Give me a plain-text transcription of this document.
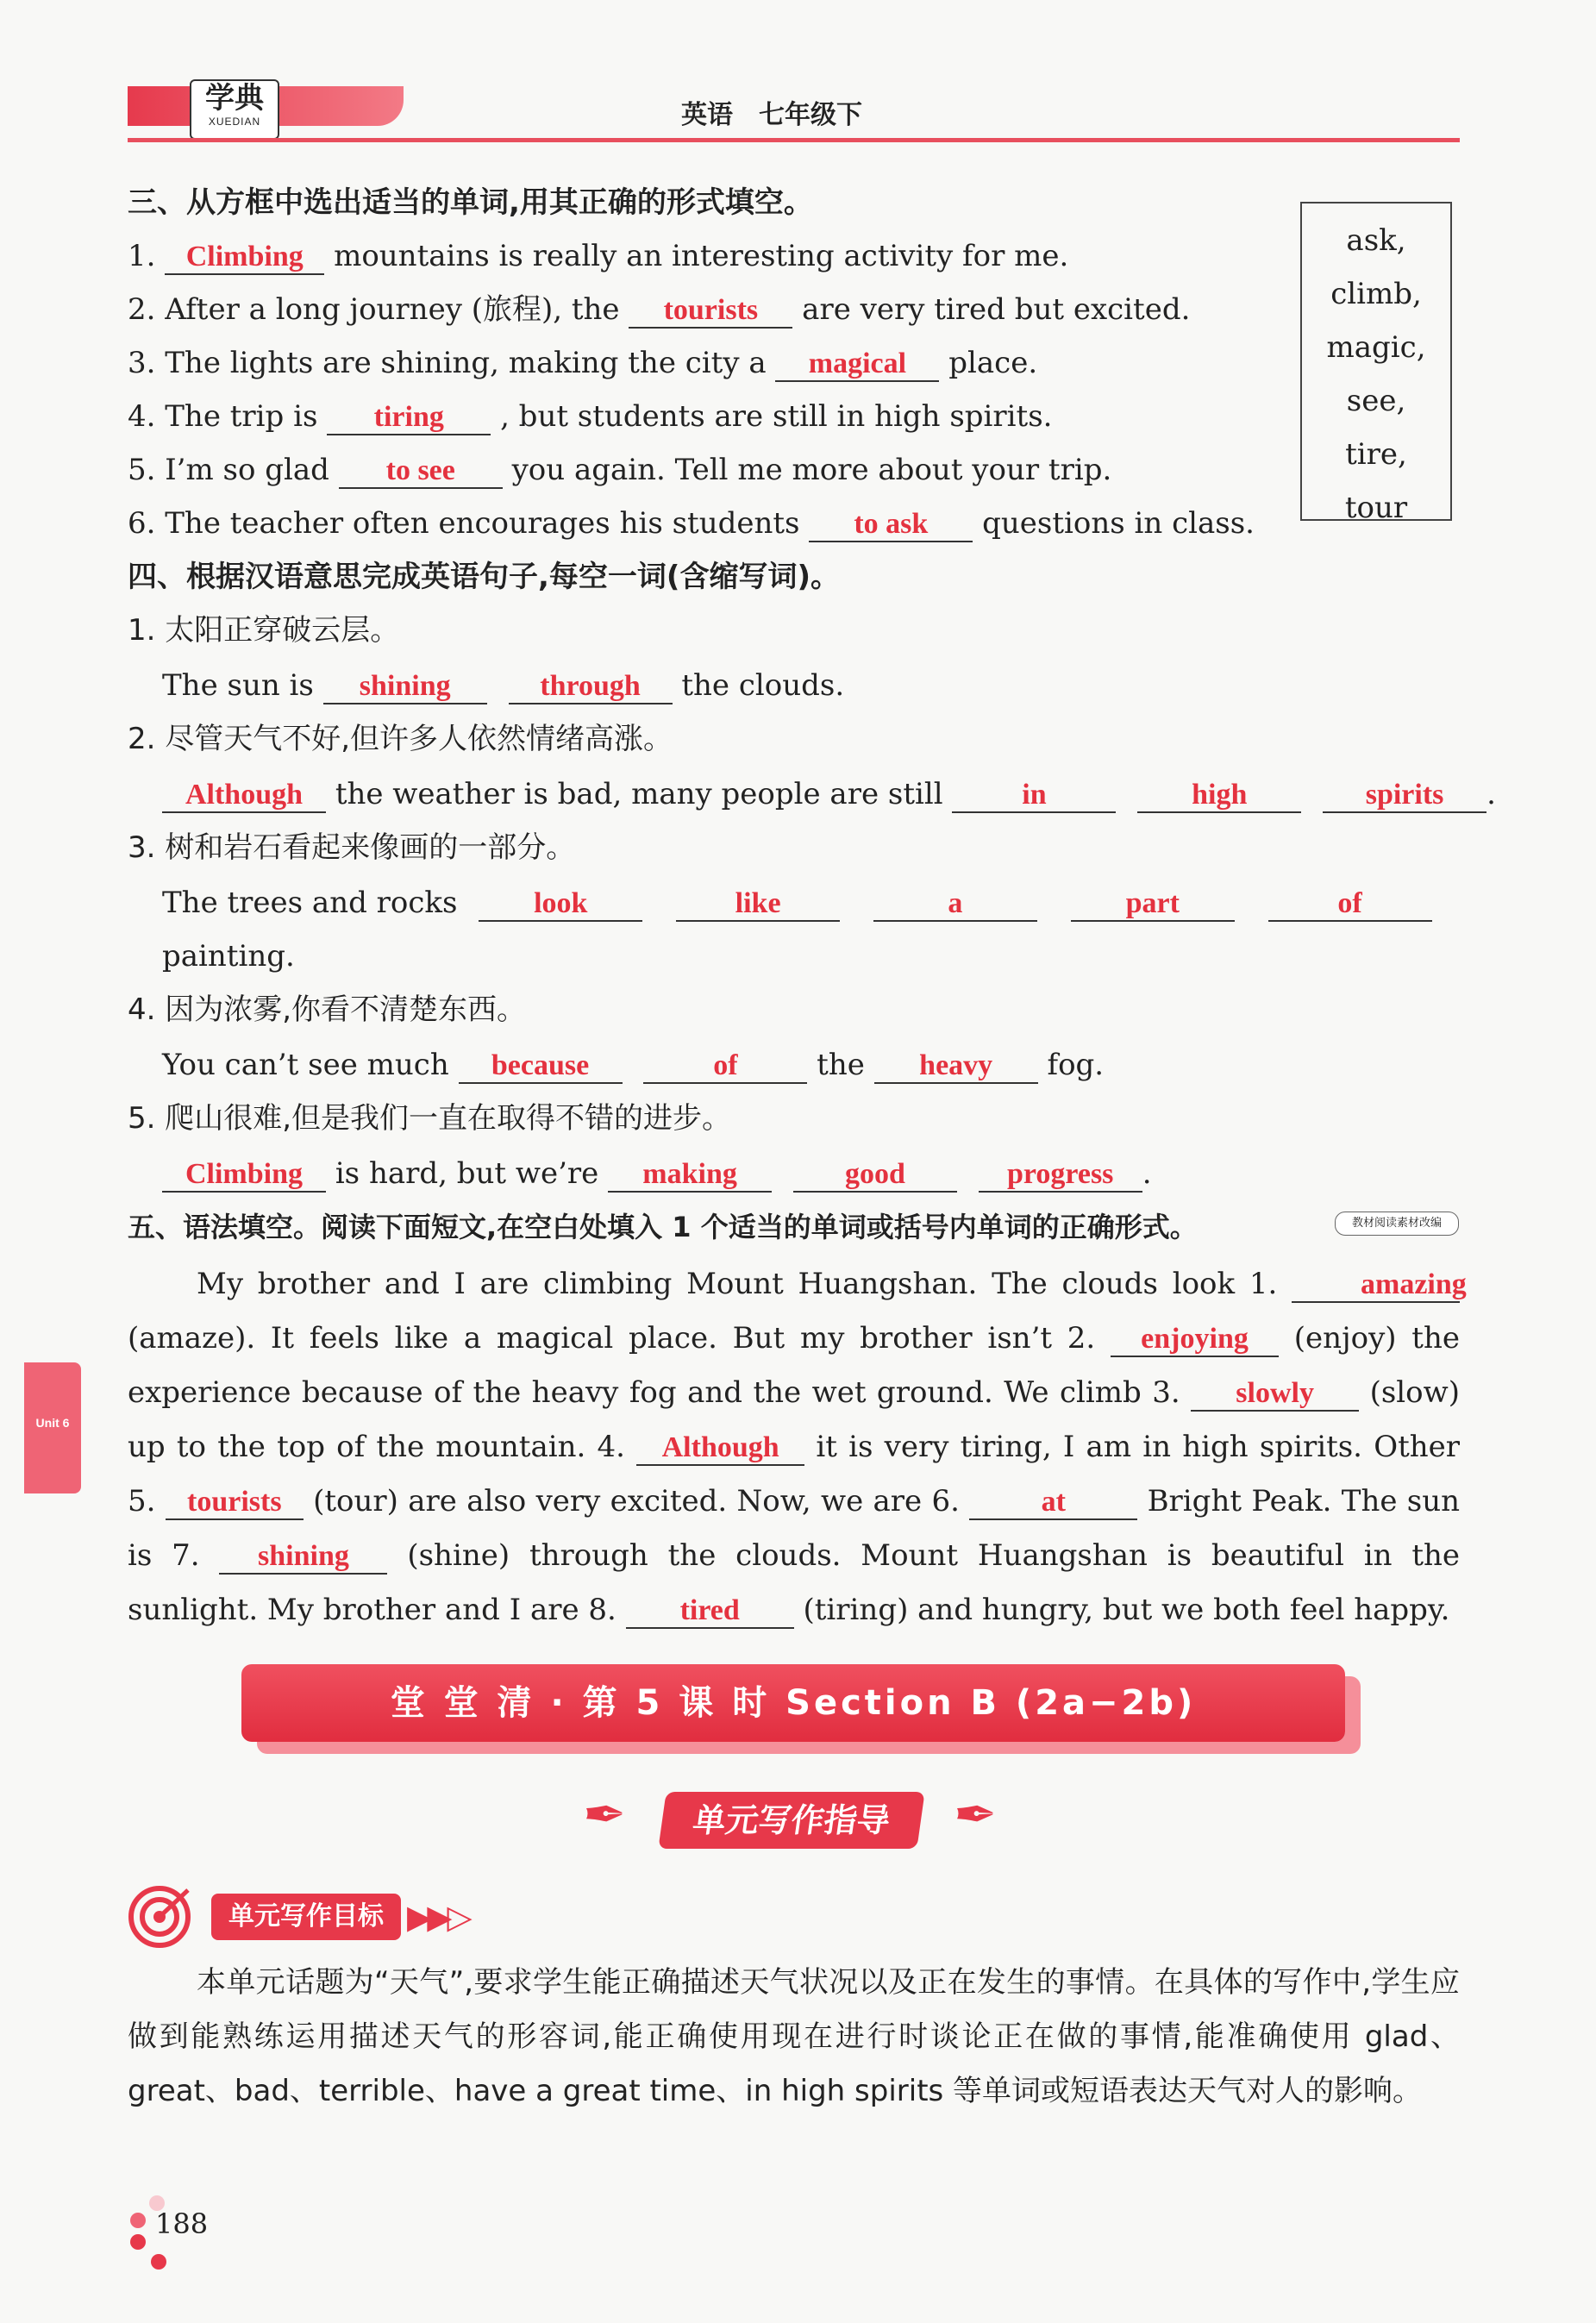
学典
XUEDIAN	英语　七年级下
三、从方框中选出适当的单词,用其正确的形式填空。
ask,
climb,
magic,
see,
tire,
tour
1. Climbing mountains is really an interesting activity for me.
2. After a long journey (旅程), the tourists are very tired but excited.
3. The lights are shining, making the city a magical place.
4. The trip is tiring , but students are still in high spirits.
5. I’m so glad to see you again. Tell me more about your trip.
6. The teacher often encourages his students to ask questions in class.
四、根据汉语意思完成英语句子,每空一词(含缩写词)。
1. 太阳正穿破云层。
The sun is shining	through the clouds.
2. 尽管天气不好,但许多人依然情绪高涨。
Although the weather is bad, many people are still	in	high	spirits .
3. 树和岩石看起来像画的一部分。
The trees and rocks	look	like	a	part	of
painting.
4. 因为浓雾,你看不清楚东西。
You can’t see much because	of	the heavy fog.
5. 爬山很难,但是我们一直在取得不错的进步。
Climbing is hard, but we’re making	good	progress .
五、语法填空。阅读下面短文,在空白处填入 1 个适当的单词或括号内单词的正确形式。	教材阅读素材改编
My brother and I are climbing Mount Huangshan. The clouds look 1.	amazing (amaze). It feels like a magical place. But my brother isn’t 2. enjoying (enjoy) the experience because of the heavy fog and the wet ground. We climb 3. slowly (slow) up to the top of the mountain. 4. Although it is very tiring, I am in high spirits. Other 5. tourists (tour) are also very excited. Now, we are 6.	at	Bright Peak. The sun is 7. shining (shine) through the clouds. Mount Huangshan is beautiful in the sunlight. My brother and I are 8. tired (tiring) and hungry, but we both feel happy.
Unit 6
堂 堂 清 · 第 5 课 时 Section B (2a−2b)
✒	单元写作指导	✒
单元写作目标 ▶▶▷
本单元话题为“天气”,要求学生能正确描述天气状况以及正在发生的事情。在具体的写作中,学生应做到能熟练运用描述天气的形容词,能正确使用现在进行时谈论正在做的事情,能准确使用 glad、great、bad、terrible、have a great time、in high spirits 等单词或短语表达天气对人的影响。
188
